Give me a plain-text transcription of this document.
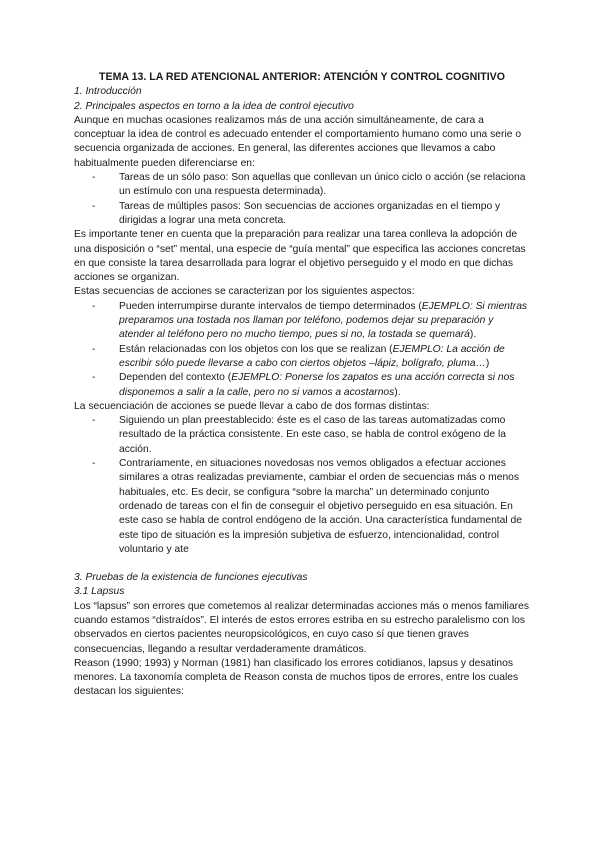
TEMA 13. LA RED ATENCIONAL ANTERIOR: ATENCIÓN Y CONTROL COGNITIVO

1. Introducción

2. Principales aspectos en torno a la idea de control ejecutivo

Aunque en muchas ocasiones realizamos más de una acción simultáneamente, de cara a conceptuar la idea de control es adecuado entender el comportamiento humano como una serie o secuencia organizada de acciones. En general, las diferentes acciones que llevamos a cabo habitualmente pueden diferenciarse en:

- Tareas de un sólo paso: Son aquellas que conllevan un único ciclo o acción (se relaciona un estímulo con una respuesta determinada).
- Tareas de múltiples pasos: Son secuencias de acciones organizadas en el tiempo y dirigidas a lograr una meta concreta.

Es importante tener en cuenta que la preparación para realizar una tarea conlleva la adopción de una disposición o “set” mental, una especie de “guía mental” que especifica las acciones concretas en que consiste la tarea desarrollada para lograr el objetivo perseguido y el modo en que dichas acciones se organizan.

Estas secuencias de acciones se caracterizan por los siguientes aspectos:

- Pueden interrumpirse durante intervalos de tiempo determinados (EJEMPLO: Si mientras preparamos una tostada nos llaman por teléfono, podemos dejar su preparación y atender al teléfono pero no mucho tiempo, pues si no, la tostada se quemará).
- Están relacionadas con los objetos con los que se realizan (EJEMPLO: La acción de escribir sólo puede llevarse a cabo con ciertos objetos –lápiz, bolígrafo, pluma…)
- Dependen del contexto (EJEMPLO: Ponerse los zapatos es una acción correcta si nos disponemos a salir a la calle, pero no si vamos a acostarnos).

La secuenciación de acciones se puede llevar a cabo de dos formas distintas:

- Siguiendo un plan preestablecido: éste es el caso de las tareas automatizadas como resultado de la práctica consistente. En este caso, se habla de control exógeno de la acción.
- Contrariamente, en situaciones novedosas nos vemos obligados a efectuar acciones similares a otras realizadas previamente, cambiar el orden de secuencias más o menos habituales, etc. Es decir, se configura “sobre la marcha” un determinado conjunto ordenado de tareas con el fin de conseguir el objetivo perseguido en esa situación. En este caso se habla de control endógeno de la acción. Una característica fundamental de este tipo de situación es la impresión subjetiva de esfuerzo, intencionalidad, control voluntario y ate

3. Pruebas de la existencia de funciones ejecutivas

3.1 Lapsus

Los “lapsus” son errores que cometemos al realizar determinadas acciones más o menos familiares cuando estamos “distraídos”. El interés de estos errores estriba en su estrecho paralelismo con los observados en ciertos pacientes neuropsicológicos, en cuyo caso sí que tienen graves consecuencias, llegando a resultar verdaderamente dramáticos.

Reason (1990; 1993) y Norman (1981) han clasificado los errores cotidianos, lapsus y desatinos menores. La taxonomía completa de Reason consta de muchos tipos de errores, entre los cuales destacan los siguientes:
